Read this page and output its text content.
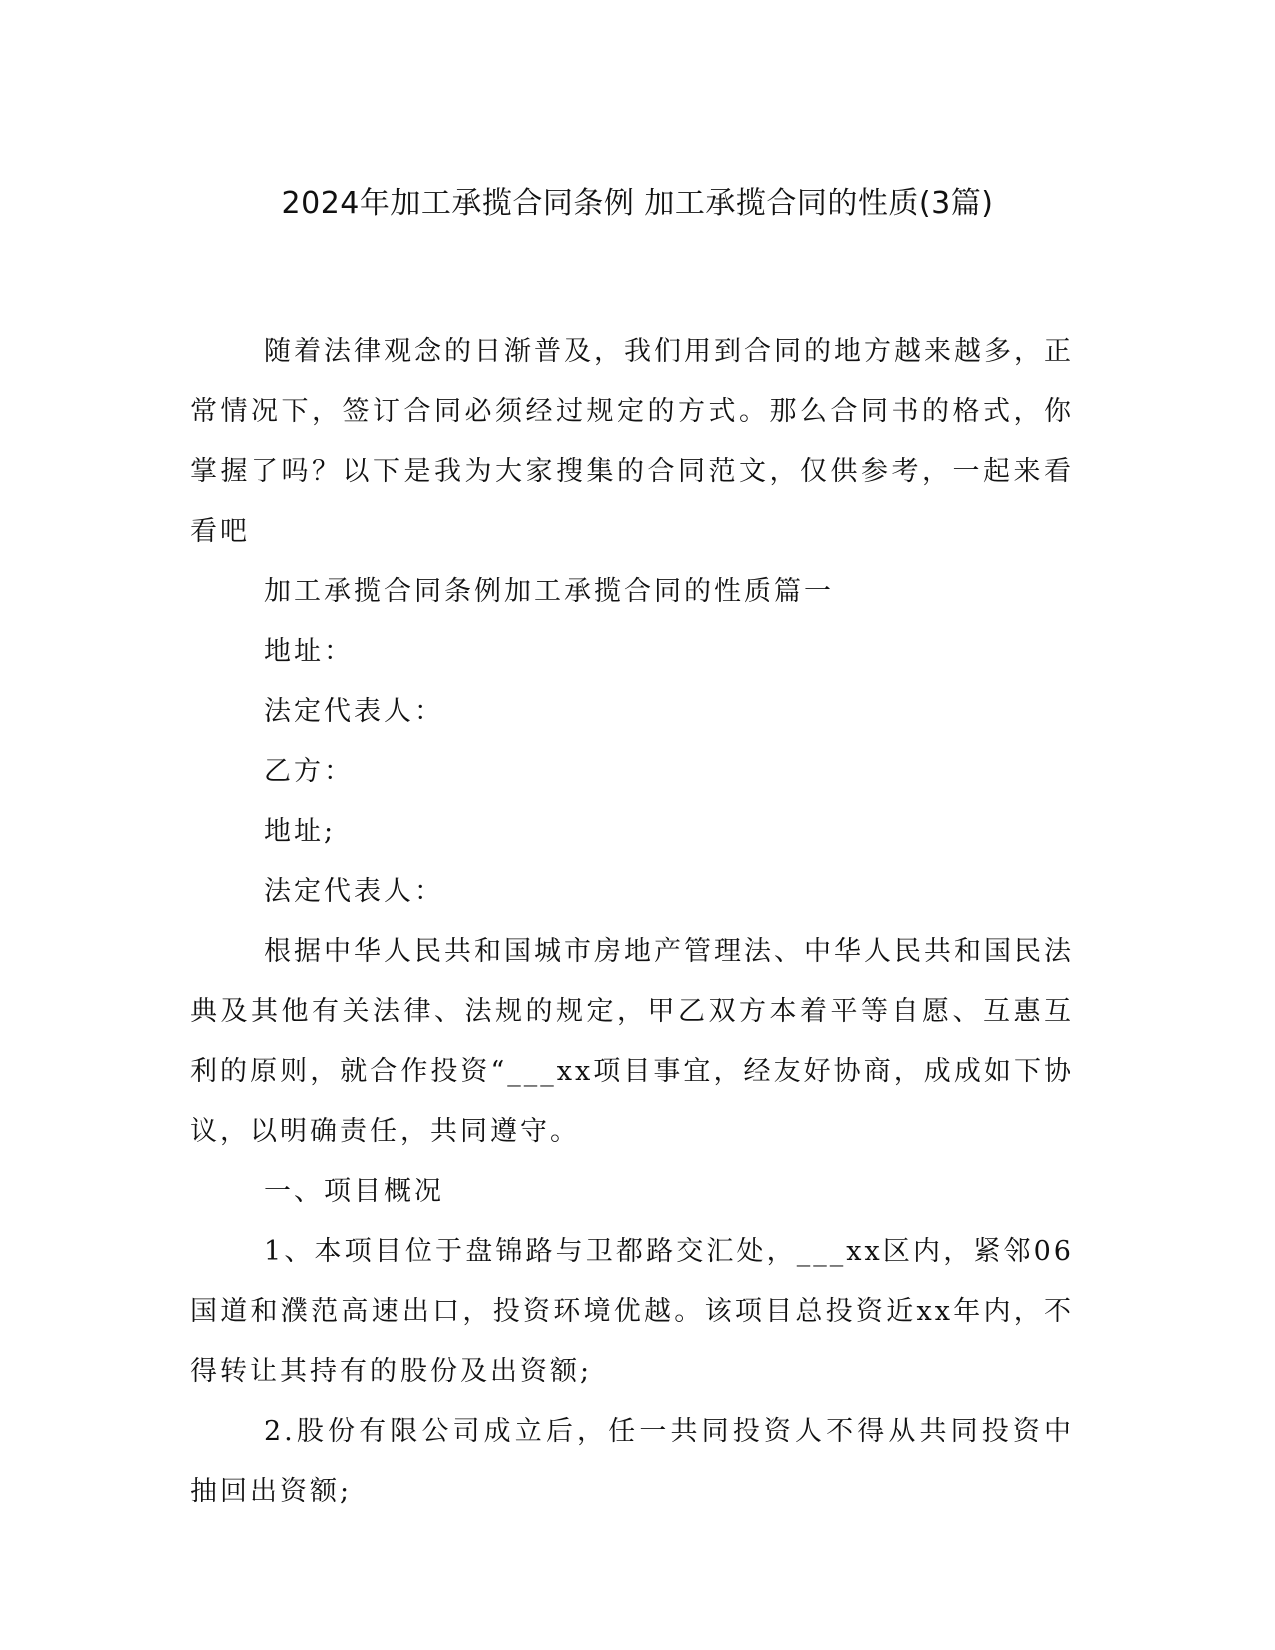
2024年加工承揽合同条例 加工承揽合同的性质(3篇)

随着法律观念的日渐普及，我们用到合同的地方越来越多，正常情况下，签订合同必须经过规定的方式。那么合同书的格式，你掌握了吗？以下是我为大家搜集的合同范文，仅供参考，一起来看看吧

加工承揽合同条例加工承揽合同的性质篇一

地址：

法定代表人：

乙方：

地址;

法定代表人：

根据中华人民共和国城市房地产管理法、中华人民共和国民法典及其他有关法律、法规的规定，甲乙双方本着平等自愿、互惠互利的原则，就合作投资“___xx项目事宜，经友好协商，成成如下协议，以明确责任，共同遵守。

一、项目概况

1、本项目位于盘锦路与卫都路交汇处，___xx区内，紧邻06国道和濮范高速出口，投资环境优越。该项目总投资近xx年内，不得转让其持有的股份及出资额;

2.股份有限公司成立后，任一共同投资人不得从共同投资中抽回出资额;
